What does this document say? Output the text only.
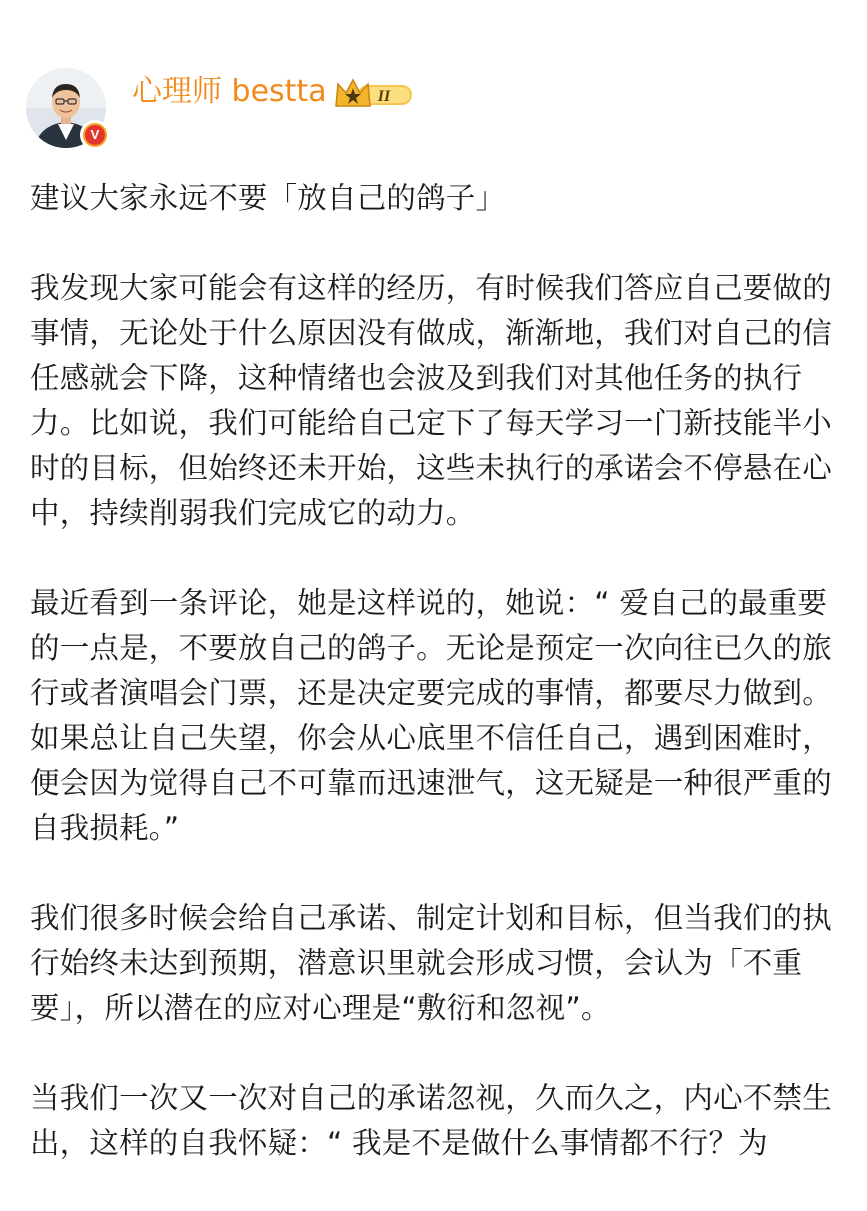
V
心理师 bestta	II

建议大家永远不要「放自己的鸽子」

我发现大家可能会有这样的经历，有时候我们答应自己要做的事情，无论处于什么原因没有做成，渐渐地，我们对自己的信任感就会下降，这种情绪也会波及到我们对其他任务的执行力。比如说，我们可能给自己定下了每天学习一门新技能半小时的目标，但始终还未开始，这些未执行的承诺会不停悬在心中，持续削弱我们完成它的动力。

最近看到一条评论，她是这样说的，她说：“ 爱自己的最重要的一点是，不要放自己的鸽子。无论是预定一次向往已久的旅行或者演唱会门票，还是决定要完成的事情，都要尽力做到。如果总让自己失望，你会从心底里不信任自己，遇到困难时，便会因为觉得自己不可靠而迅速泄气，这无疑是一种很严重的自我损耗。”

我们很多时候会给自己承诺、制定计划和目标，但当我们的执行始终未达到预期，潜意识里就会形成习惯，会认为「不重要」，所以潜在的应对心理是“敷衍和忽视”。

当我们一次又一次对自己的承诺忽视，久而久之，内心不禁生出，这样的自我怀疑：“ 我是不是做什么事情都不行？为
